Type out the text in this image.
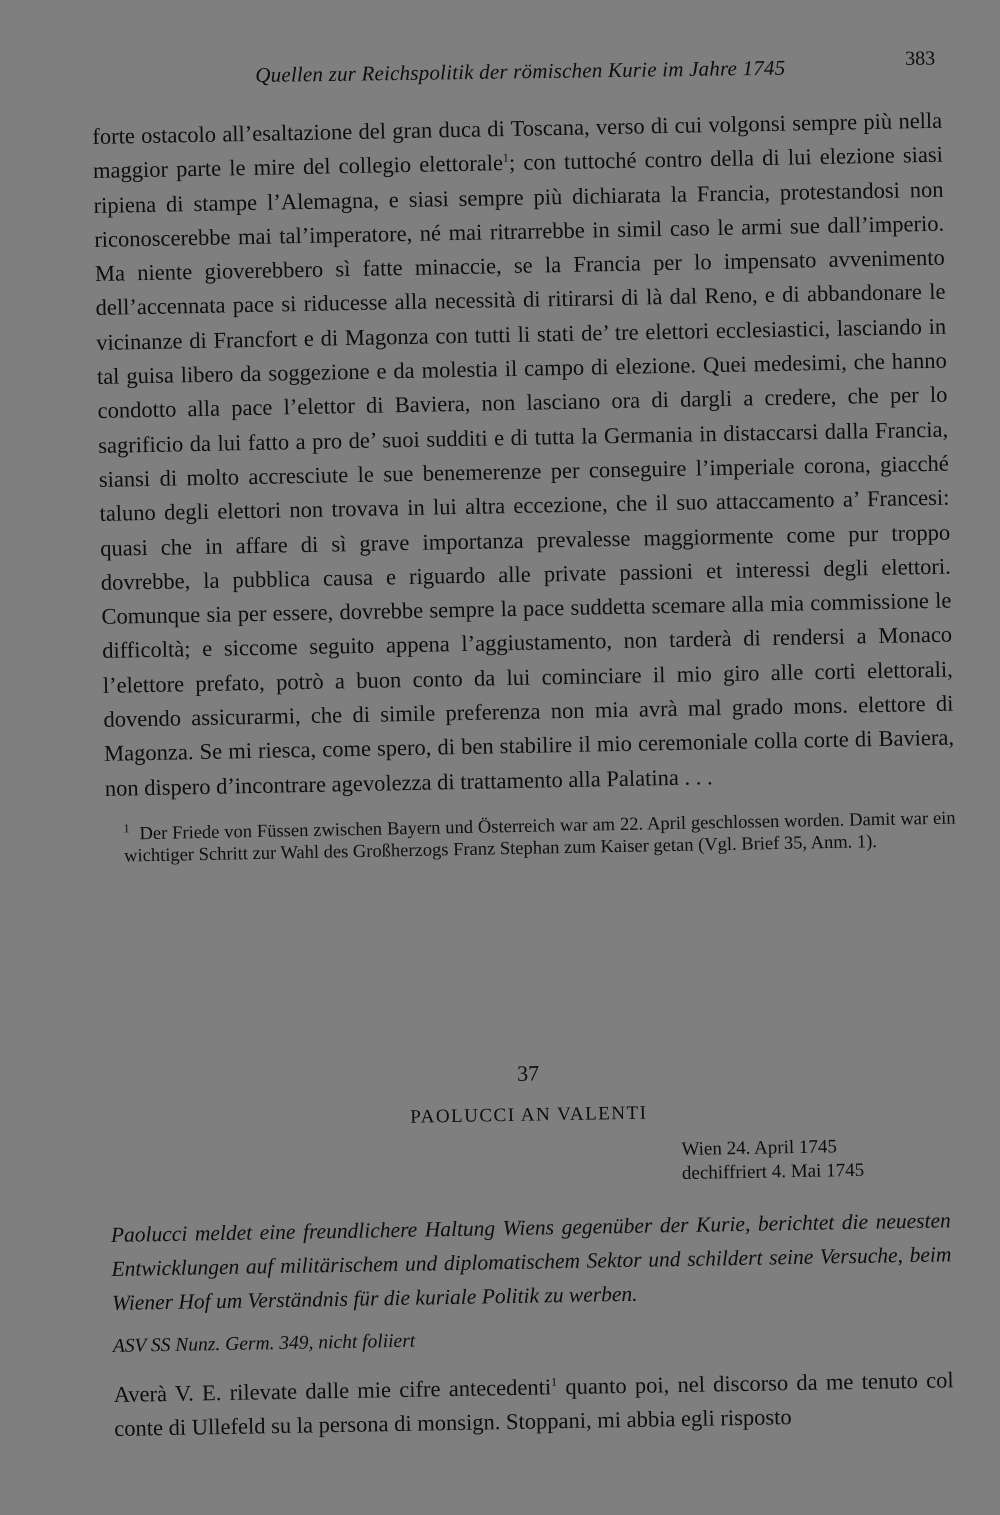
Quellen zur Reichspolitik der römischen Kurie im Jahre 1745	383

forte ostacolo all’esaltazione del gran duca di Toscana, verso di cui volgonsi sempre più nella maggior parte le mire del collegio elettorale$^1$; con tuttoché contro della di lui elezione siasi ripiena di stampe l’Alemagna, e siasi sempre più dichiarata la Francia, protestandosi non riconoscerebbe mai tal’imperatore, né mai ritrarrebbe in simil caso le armi sue dall’imperio. Ma niente gioverebbero sì fatte minaccie, se la Francia per lo impensato avvenimento dell’accennata pace si riducesse alla necessità di ritirarsi di là dal Reno, e di abbandonare le vicinanze di Francfort e di Magonza con tutti li stati de’ tre elettori ecclesiastici, lasciando in tal guisa libero da soggezione e da molestia il campo di elezione. Quei medesimi, che hanno condotto alla pace l’elettor di Baviera, non lasciano ora di dargli a credere, che per lo sagrificio da lui fatto a pro de’ suoi sudditi e di tutta la Germania in distaccarsi dalla Francia, siansi di molto accresciute le sue benemerenze per conseguire l’imperiale corona, giacché taluno degli elettori non trovava in lui altra eccezione, che il suo attaccamento a’ Francesi: quasi che in affare di sì grave importanza prevalesse maggiormente come pur troppo dovrebbe, la pubblica causa e riguardo alle private passioni et interessi degli elettori. Comunque sia per essere, dovrebbe sempre la pace suddetta scemare alla mia commissione le difficoltà; e siccome seguito appena l’aggiustamento, non tarderà di rendersi a Monaco l’elettore prefato, potrò a buon conto da lui cominciare il mio giro alle corti elettorali, dovendo assicurarmi, che di simile preferenza non mia avrà mal grado mons. elettore di Magonza. Se mi riesca, come spero, di ben stabilire il mio ceremoniale colla corte di Baviera, non dispero d’incontrare agevolezza di trattamento alla Palatina . . .

$^1$ Der Friede von Füssen zwischen Bayern und Österreich war am 22. April geschlossen worden. Damit war ein wichtiger Schritt zur Wahl des Großherzogs Franz Stephan zum Kaiser getan (Vgl. Brief 35, Anm. 1).

37

PAOLUCCI AN VALENTI

Wien 24. April 1745
dechiffriert 4. Mai 1745

Paolucci meldet eine freundlichere Haltung Wiens gegenüber der Kurie, berichtet die neuesten Entwicklungen auf militärischem und diplomatischem Sektor und schildert seine Versuche, beim Wiener Hof um Verständnis für die kuriale Politik zu werben.

ASV SS Nunz. Germ. 349, nicht foliiert

Averà V. E. rilevate dalle mie cifre antecedenti$^1$ quanto poi, nel discorso da me tenuto col conte di Ullefeld su la persona di monsign. Stoppani, mi abbia egli risposto
